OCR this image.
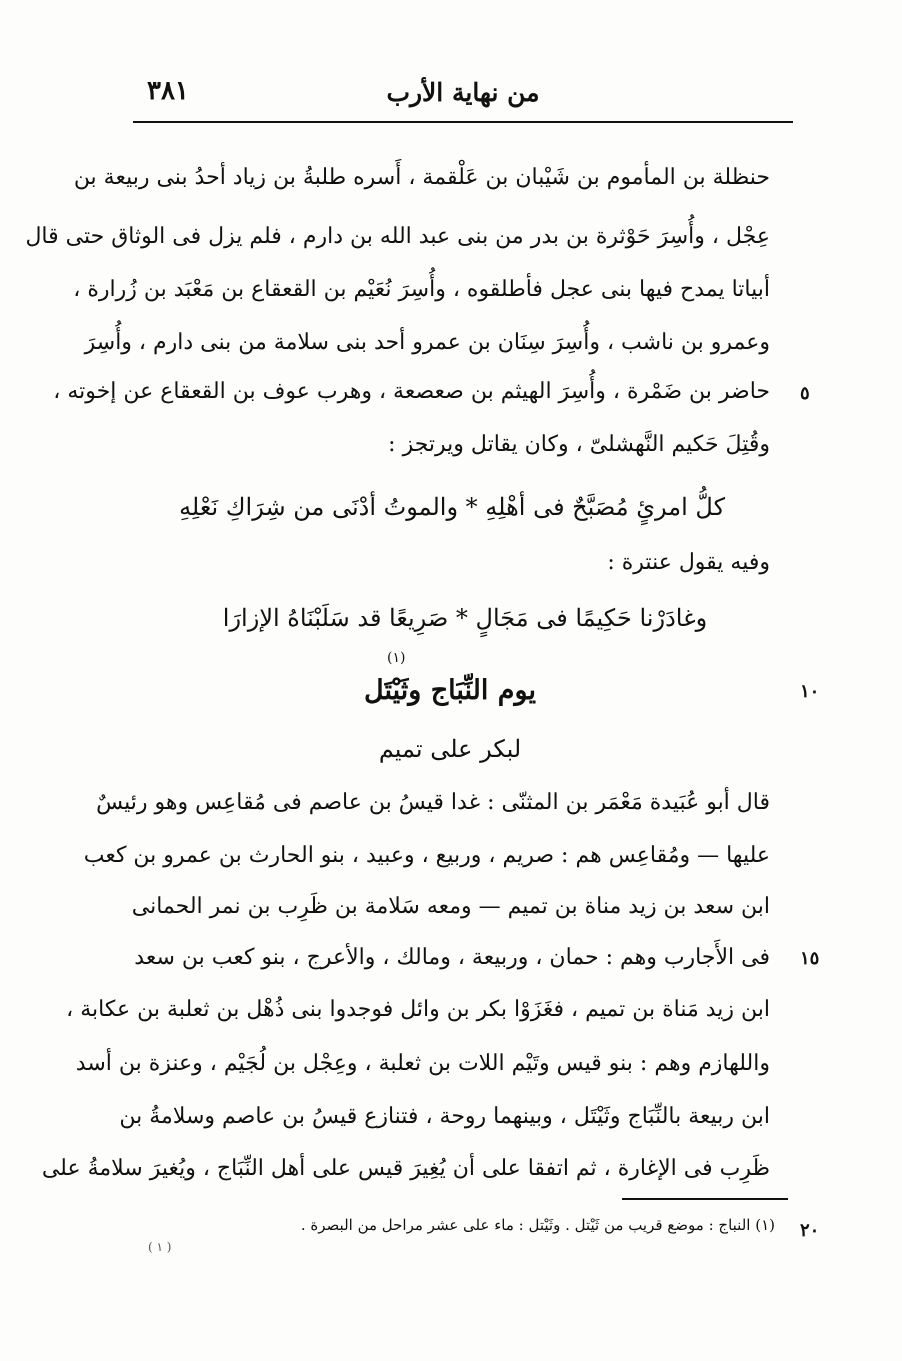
٣٨١	من نهاية الأرب
حنظلة بن المأموم بن شَيْبان بن عَلْقمة ، أَسره طلبةُ بن زياد أحدُ بنى ربيعة بن
عِجْل ، وأُسِرَ حَوْثرة بن بدر من بنى عبد الله بن دارم ، فلم يزل فى الوثاق حتى قال
أبياتا يمدح فيها بنى عجل فأطلقوه ، وأُسِرَ نُعَيْم بن القعقاع بن مَعْبَد بن زُرارة ،
وعمرو بن ناشب ، وأُسِرَ سِنَان بن عمرو أحد بنى سلامة من بنى دارم ، وأُسِرَ
حاضر بن ضَمْرة ، وأُسِرَ الهيثم بن صعصعة ، وهرب عوف بن القعقاع عن إخوته ،
وقُتِلَ حَكيم النَّهشلىّ ، وكان يقاتل ويرتجز :
كلُّ امرئٍ مُصَبَّحٌ فى أهْلِهِ * والموتُ أدْنَى من شِرَاكِ نَعْلِهِ
وفيه يقول عنترة :
وغادَرْنا حَكِيمًا فى مَجَالٍ * صَرِيعًا قد سَلَبْنَاهُ الإزارَا
(١)
يوم النِّبَاج وثَيْتَل
لبكر على تميم
قال أبو عُبَيدة مَعْمَر بن المثنّى : غدا قيسُ بن عاصم فى مُقاعِس وهو رئيسٌ
عليها — ومُقاعِس هم : صريم ، وربيع ، وعبيد ، بنو الحارث بن عمرو بن كعب
ابن سعد بن زيد مناة بن تميم — ومعه سَلامة بن ظَرِب بن نمر الحمانى
فى الأَجارب وهم : حمان ، وربيعة ، ومالك ، والأعرج ، بنو كعب بن سعد
ابن زيد مَناة بن تميم ، فغَزَوْا بكر بن وائل فوجدوا بنى ذُهْل بن ثعلبة بن عكابة ،
واللهازم وهم : بنو قيس وتَيْم اللات بن ثعلبة ، وعِجْل بن لُجَيْم ، وعنزة بن أسد
ابن ربيعة بالنِّبَاج وثَيْتَل ، وبينهما روحة ، فتنازع قيسُ بن عاصم وسلامةُ بن
ظَرِب فى الإغارة ، ثم اتفقا على أن يُغِيرَ قيس على أهل النِّبَاج ، ويُغيرَ سلامةُ على
٥
١٠
١٥
٢٠
(١) النباج : موضع قريب من ثَيْتل . وثَيْتل : ماء على عشر مراحل من البصرة .
( ١ )
